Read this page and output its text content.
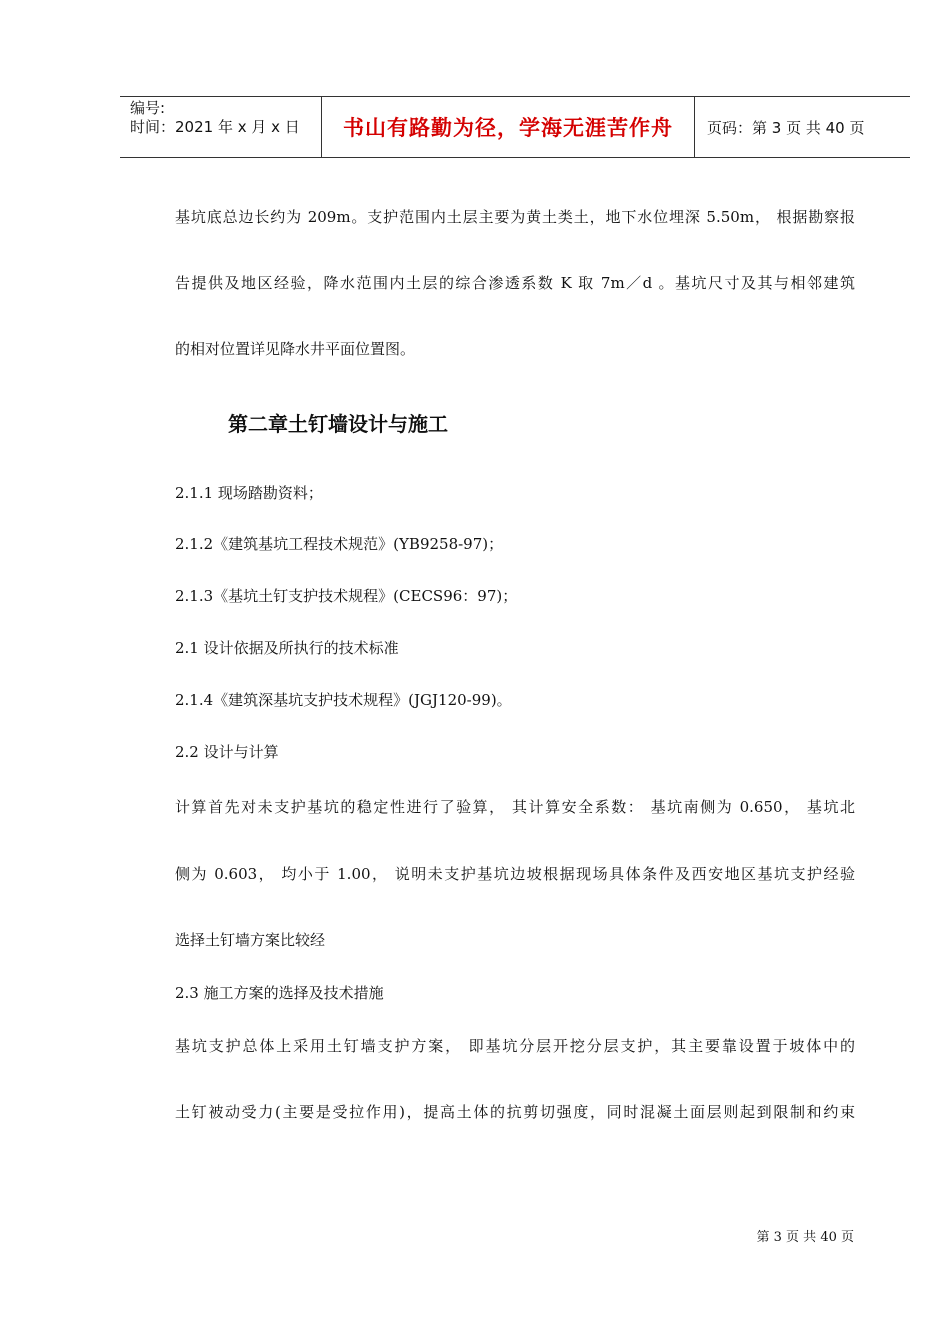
编号:
时间：2021 年 x 月 x 日 书山有路勤为径，学海无涯苦作舟 页码：第 3 页 共 40 页
基坑底总边长约为 209m。支护范围内土层主要为黄土类土，地下水位埋深 5.50m， 根据勘察报
告提供及地区经验，降水范围内土层的综合渗透系数 K 取 7m／d 。基坑尺寸及其与相邻建筑
的相对位置详见降水井平面位置图。
2.1.1 现场踏勘资料；
2.1.2《建筑基坑工程技术规范》(YB9258-97)；
2.1.3《基坑土钉支护技术规程》(CECS96：97)；
2.1 设计依据及所执行的技术标准
2.1.4《建筑深基坑支护技术规程》(JGJ120-99)。
2.2 设计与计算
计算首先对未支护基坑的稳定性进行了验算， 其计算安全系数： 基坑南侧为 0.650， 基坑北
侧为 0.603， 均小于 1.00， 说明未支护基坑边坡根据现场具体条件及西安地区基坑支护经验
选择土钉墙方案比较经
2.3 施工方案的选择及技术措施
基坑支护总体上采用土钉墙支护方案， 即基坑分层开挖分层支护，其主要靠设置于坡体中的
土钉被动受力(主要是受拉作用)，提高土体的抗剪切强度，同时混凝土面层则起到限制和约束
第二章土钉墙设计与施工
第 3 页 共 40 页
